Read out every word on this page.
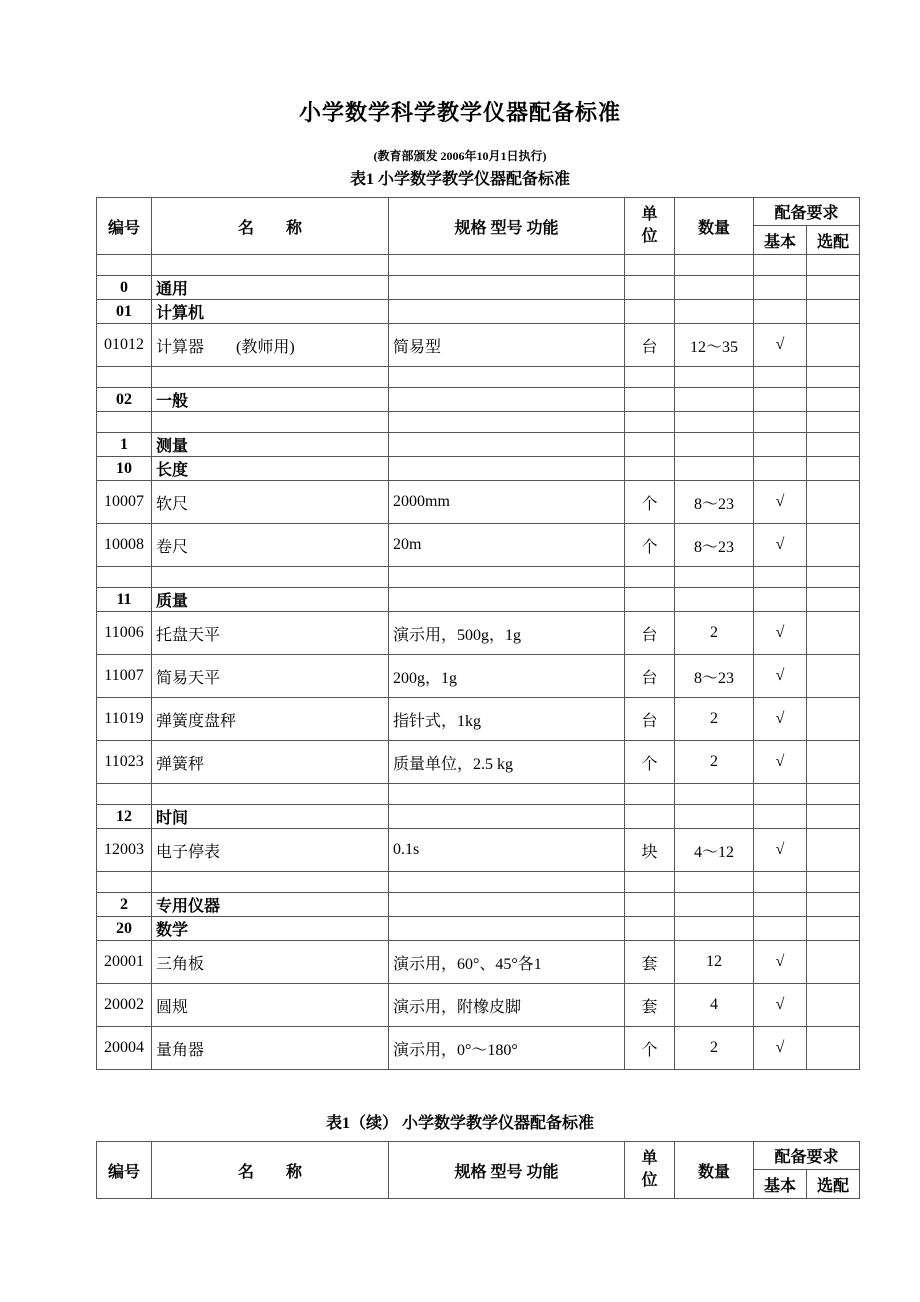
小学数学科学教学仪器配备标准
(教育部颁发 2006年10月1日执行)
表1 小学数学教学仪器配备标准
编号	名　　称	规格 型号 功能	单位	数量	配备要求	
					基本	选配

0	通用					
01	计算机					
01012	计算器　　(教师用)	简易型	台	12～35	√	

02	一般					

1	测量					
10	长度					
10007	软尺	2000mm	个	8～23	√	
10008	卷尺	20m	个	8～23	√	

11	质量					
11006	托盘天平	演示用，500g，1g	台	2	√	
11007	简易天平	200g，1g	台	8～23	√	
11019	弹簧度盘秤	指针式，1kg	台	2	√	
11023	弹簧秤	质量单位，2.5 kg	个	2	√	

12	时间					
12003	电子停表	0.1s	块	4～12	√	

2	专用仪器					
20	数学					
20001	三角板	演示用，60°、45°各1	套	12	√	
20002	圆规	演示用，附橡皮脚	套	4	√	
20004	量角器	演示用，0°～180°	个	2	√	
表1（续） 小学数学教学仪器配备标准
编号	名　　称	规格 型号 功能	单位	数量	配备要求	
					基本	选配
